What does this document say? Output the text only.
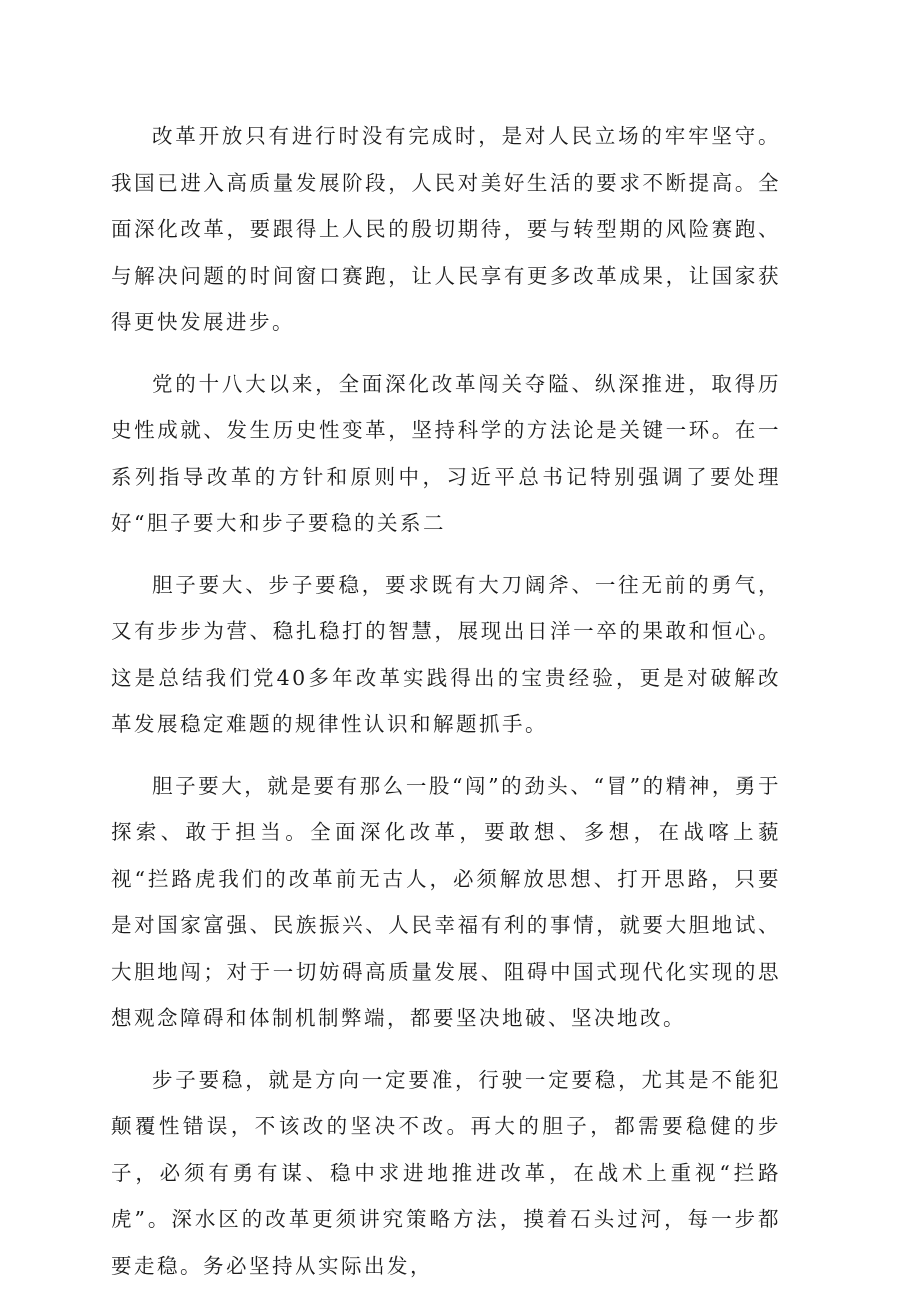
改革开放只有进行时没有完成时，是对人民立场的牢牢坚守。我国已进入高质量发展阶段，人民对美好生活的要求不断提高。全面深化改革，要跟得上人民的殷切期待，要与转型期的风险赛跑、与解决问题的时间窗口赛跑，让人民享有更多改革成果，让国家获得更快发展进步。

党的十八大以来，全面深化改革闯关夺隘、纵深推进，取得历史性成就、发生历史性变革，坚持科学的方法论是关键一环。在一系列指导改革的方针和原则中，习近平总书记特别强调了要处理好“胆子要大和步子要稳的关系二

胆子要大、步子要稳，要求既有大刀阔斧、一往无前的勇气，又有步步为营、稳扎稳打的智慧，展现出日洋一卒的果敢和恒心。这是总结我们党40多年改革实践得出的宝贵经验，更是对破解改革发展稳定难题的规律性认识和解题抓手。

胆子要大，就是要有那么一股“闯”的劲头、“冒”的精神，勇于探索、敢于担当。全面深化改革，要敢想、多想，在战喀上藐视“拦路虎我们的改革前无古人，必须解放思想、打开思路，只要是对国家富强、民族振兴、人民幸福有利的事情，就要大胆地试、大胆地闯；对于一切妨碍高质量发展、阻碍中国式现代化实现的思想观念障碍和体制机制弊端，都要坚决地破、坚决地改。

步子要稳，就是方向一定要准，行驶一定要稳，尤其是不能犯颠覆性错误，不该改的坚决不改。再大的胆子，都需要稳健的步子，必须有勇有谋、稳中求进地推进改革，在战术上重视“拦路虎”。深水区的改革更须讲究策略方法，摸着石头过河，每一步都要走稳。务必坚持从实际出发，
